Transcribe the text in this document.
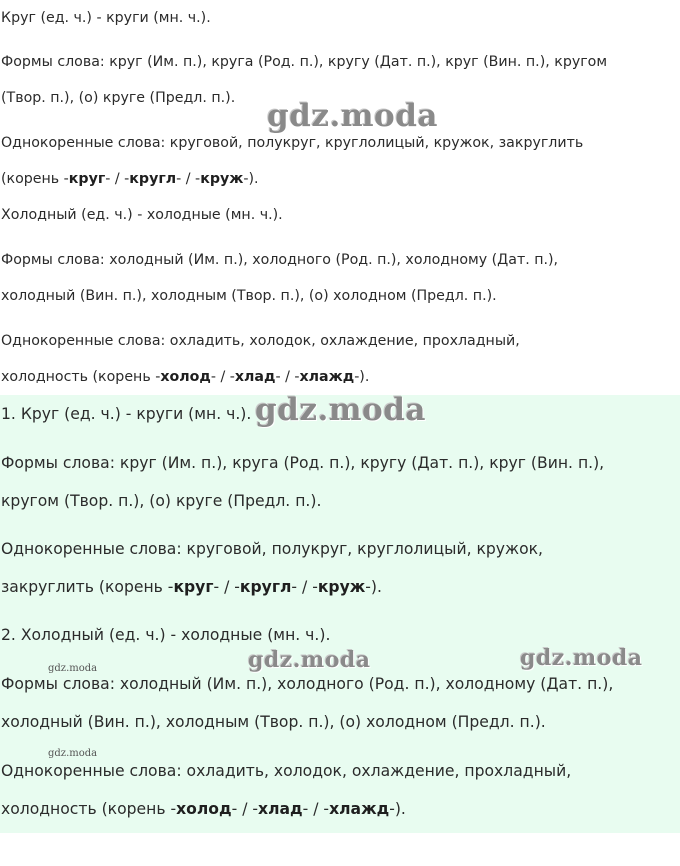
Круг (ед. ч.) - круги (мн. ч.).
Формы слова: круг (Им. п.), круга (Род. п.), кругу (Дат. п.), круг (Вин. п.), кругом
(Твор. п.), (о) круге (Предл. п.).
Однокоренные слова: круговой, полукруг, круглолицый, кружок, закруглить
(корень -круг- / -кругл- / -круж-).
Холодный (ед. ч.) - холодные (мн. ч.).
Формы слова: холодный (Им. п.), холодного (Род. п.), холодному (Дат. п.),
холодный (Вин. п.), холодным (Твор. п.), (о) холодном (Предл. п.).
Однокоренные слова: охладить, холодок, охлаждение, прохладный,
холодность (корень -холод- / -хлад- / -хлажд-).
gdz.moda
1. Круг (ед. ч.) - круги (мн. ч.).
Формы слова: круг (Им. п.), круга (Род. п.), кругу (Дат. п.), круг (Вин. п.),
кругом (Твор. п.), (о) круге (Предл. п.).
Однокоренные слова: круговой, полукруг, круглолицый, кружок,
закруглить (корень -круг- / -кругл- / -круж-).
2. Холодный (ед. ч.) - холодные (мн. ч.).
Формы слова: холодный (Им. п.), холодного (Род. п.), холодному (Дат. п.),
холодный (Вин. п.), холодным (Твор. п.), (о) холодном (Предл. п.).
Однокоренные слова: охладить, холодок, охлаждение, прохладный,
холодность (корень -холод- / -хлад- / -хлажд-).
gdz.moda
gdz.moda	gdz.moda
gdz.moda
gdz.moda
